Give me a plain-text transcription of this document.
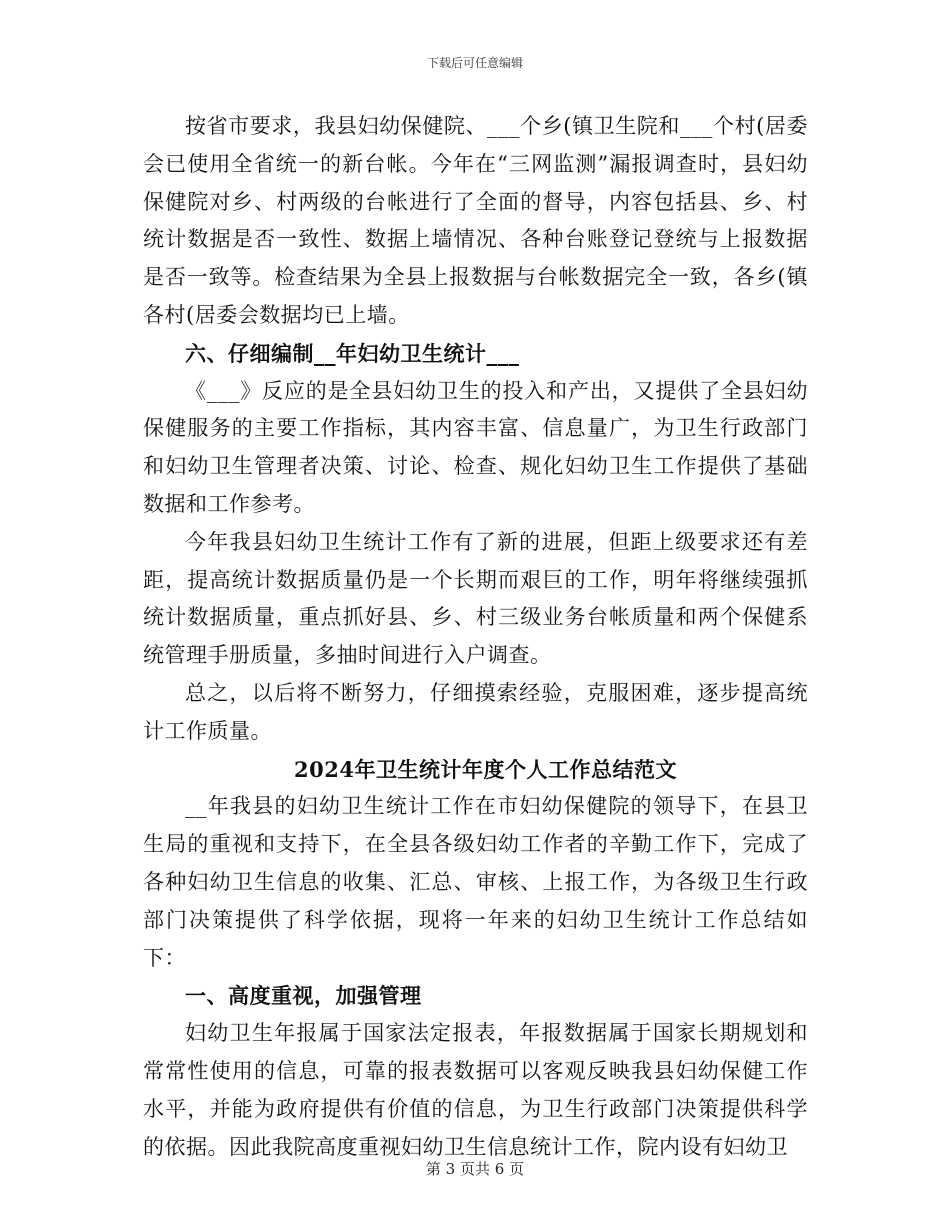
下载后可任意编辑

按省市要求，我县妇幼保健院、___个乡(镇卫生院和___个村(居委会已使用全省统一的新台帐。今年在“三网监测”漏报调查时，县妇幼保健院对乡、村两级的台帐进行了全面的督导，内容包括县、乡、村统计数据是否一致性、数据上墙情况、各种台账登记登统与上报数据是否一致等。检查结果为全县上报数据与台帐数据完全一致，各乡(镇各村(居委会数据均已上墙。

六、仔细编制__年妇幼卫生统计___

《___》反应的是全县妇幼卫生的投入和产出，又提供了全县妇幼保健服务的主要工作指标，其内容丰富、信息量广，为卫生行政部门和妇幼卫生管理者决策、讨论、检查、规化妇幼卫生工作提供了基础数据和工作参考。

今年我县妇幼卫生统计工作有了新的进展，但距上级要求还有差距，提高统计数据质量仍是一个长期而艰巨的工作，明年将继续强抓统计数据质量，重点抓好县、乡、村三级业务台帐质量和两个保健系统管理手册质量，多抽时间进行入户调查。

总之，以后将不断努力，仔细摸索经验，克服困难，逐步提高统计工作质量。

2024年卫生统计年度个人工作总结范文

__年我县的妇幼卫生统计工作在市妇幼保健院的领导下，在县卫生局的重视和支持下，在全县各级妇幼工作者的辛勤工作下，完成了各种妇幼卫生信息的收集、汇总、审核、上报工作，为各级卫生行政部门决策提供了科学依据，现将一年来的妇幼卫生统计工作总结如下：

一、高度重视，加强管理

妇幼卫生年报属于国家法定报表，年报数据属于国家长期规划和常常性使用的信息，可靠的报表数据可以客观反映我县妇幼保健工作水平，并能为政府提供有价值的信息，为卫生行政部门决策提供科学的依据。因此我院高度重视妇幼卫生信息统计工作，院内设有妇幼卫

第 3 页共 6 页
